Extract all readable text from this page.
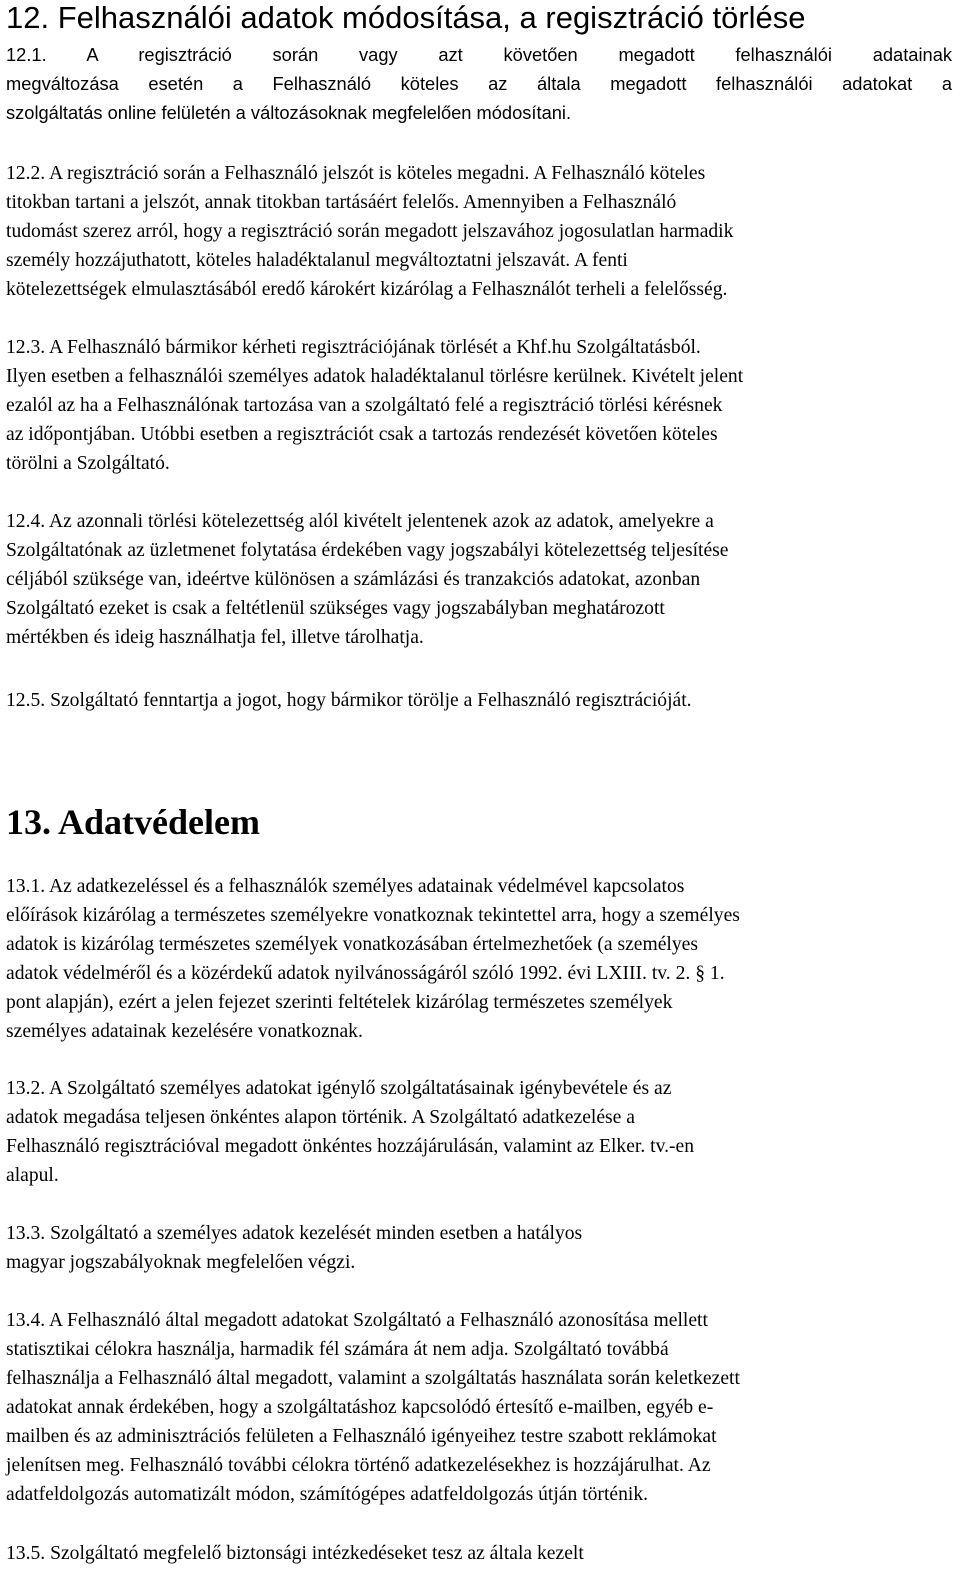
12. Felhasználói adatok módosítása, a regisztráció törlése

12.1. A regisztráció során vagy azt követően megadott felhasználói adatainak
megváltozása esetén a Felhasználó köteles az általa megadott felhasználói adatokat a
szolgáltatás online felületén a változásoknak megfelelően módosítani.

12.2. A regisztráció során a Felhasználó jelszót is köteles megadni. A Felhasználó köteles
titokban tartani a jelszót, annak titokban tartásáért felelős. Amennyiben a Felhasználó
tudomást szerez arról, hogy a regisztráció során megadott jelszavához jogosulatlan harmadik
személy hozzájuthatott, köteles haladéktalanul megváltoztatni jelszavát. A fenti
kötelezettségek elmulasztásából eredő károkért kizárólag a Felhasználót terheli a felelősség.

12.3. A Felhasználó bármikor kérheti regisztrációjának törlését a Khf.hu Szolgáltatásból.
Ilyen esetben a felhasználói személyes adatok haladéktalanul törlésre kerülnek. Kivételt jelent
ezalól az ha a Felhasználónak tartozása van a szolgáltató felé a regisztráció törlési kérésnek
az időpontjában. Utóbbi esetben a regisztrációt csak a tartozás rendezését követően köteles
törölni a Szolgáltató.

12.4. Az azonnali törlési kötelezettség alól kivételt jelentenek azok az adatok, amelyekre a
Szolgáltatónak az üzletmenet folytatása érdekében vagy jogszabályi kötelezettség teljesítése
céljából szüksége van, ideértve különösen a számlázási és tranzakciós adatokat, azonban
Szolgáltató ezeket is csak a feltétlenül szükséges vagy jogszabályban meghatározott
mértékben és ideig használhatja fel, illetve tárolhatja.

12.5. Szolgáltató fenntartja a jogot, hogy bármikor törölje a Felhasználó regisztrációját.

13. Adatvédelem

13.1. Az adatkezeléssel és a felhasználók személyes adatainak védelmével kapcsolatos
előírások kizárólag a természetes személyekre vonatkoznak tekintettel arra, hogy a személyes
adatok is kizárólag természetes személyek vonatkozásában értelmezhetőek (a személyes
adatok védelméről és a közérdekű adatok nyilvánosságáról szóló 1992. évi LXIII. tv. 2. § 1.
pont alapján), ezért a jelen fejezet szerinti feltételek kizárólag természetes személyek
személyes adatainak kezelésére vonatkoznak.

13.2. A Szolgáltató személyes adatokat igénylő szolgáltatásainak igénybevétele és az
adatok megadása teljesen önkéntes alapon történik. A Szolgáltató adatkezelése a
Felhasználó regisztrációval megadott önkéntes hozzájárulásán, valamint az Elker. tv.-en
alapul.

13.3. Szolgáltató a személyes adatok kezelését minden esetben a hatályos
magyar jogszabályoknak megfelelően végzi.

13.4. A Felhasználó által megadott adatokat Szolgáltató a Felhasználó azonosítása mellett
statisztikai célokra használja, harmadik fél számára át nem adja. Szolgáltató továbbá
felhasználja a Felhasználó által megadott, valamint a szolgáltatás használata során keletkezett
adatokat annak érdekében, hogy a szolgáltatáshoz kapcsolódó értesítő e-mailben, egyéb e-
mailben és az adminisztrációs felületen a Felhasználó igényeihez testre szabott reklámokat
jelenítsen meg. Felhasználó további célokra történő adatkezelésekhez is hozzájárulhat. Az
adatfeldolgozás automatizált módon, számítógépes adatfeldolgozás útján történik.

13.5. Szolgáltató megfelelő biztonsági intézkedéseket tesz az általa kezelt
